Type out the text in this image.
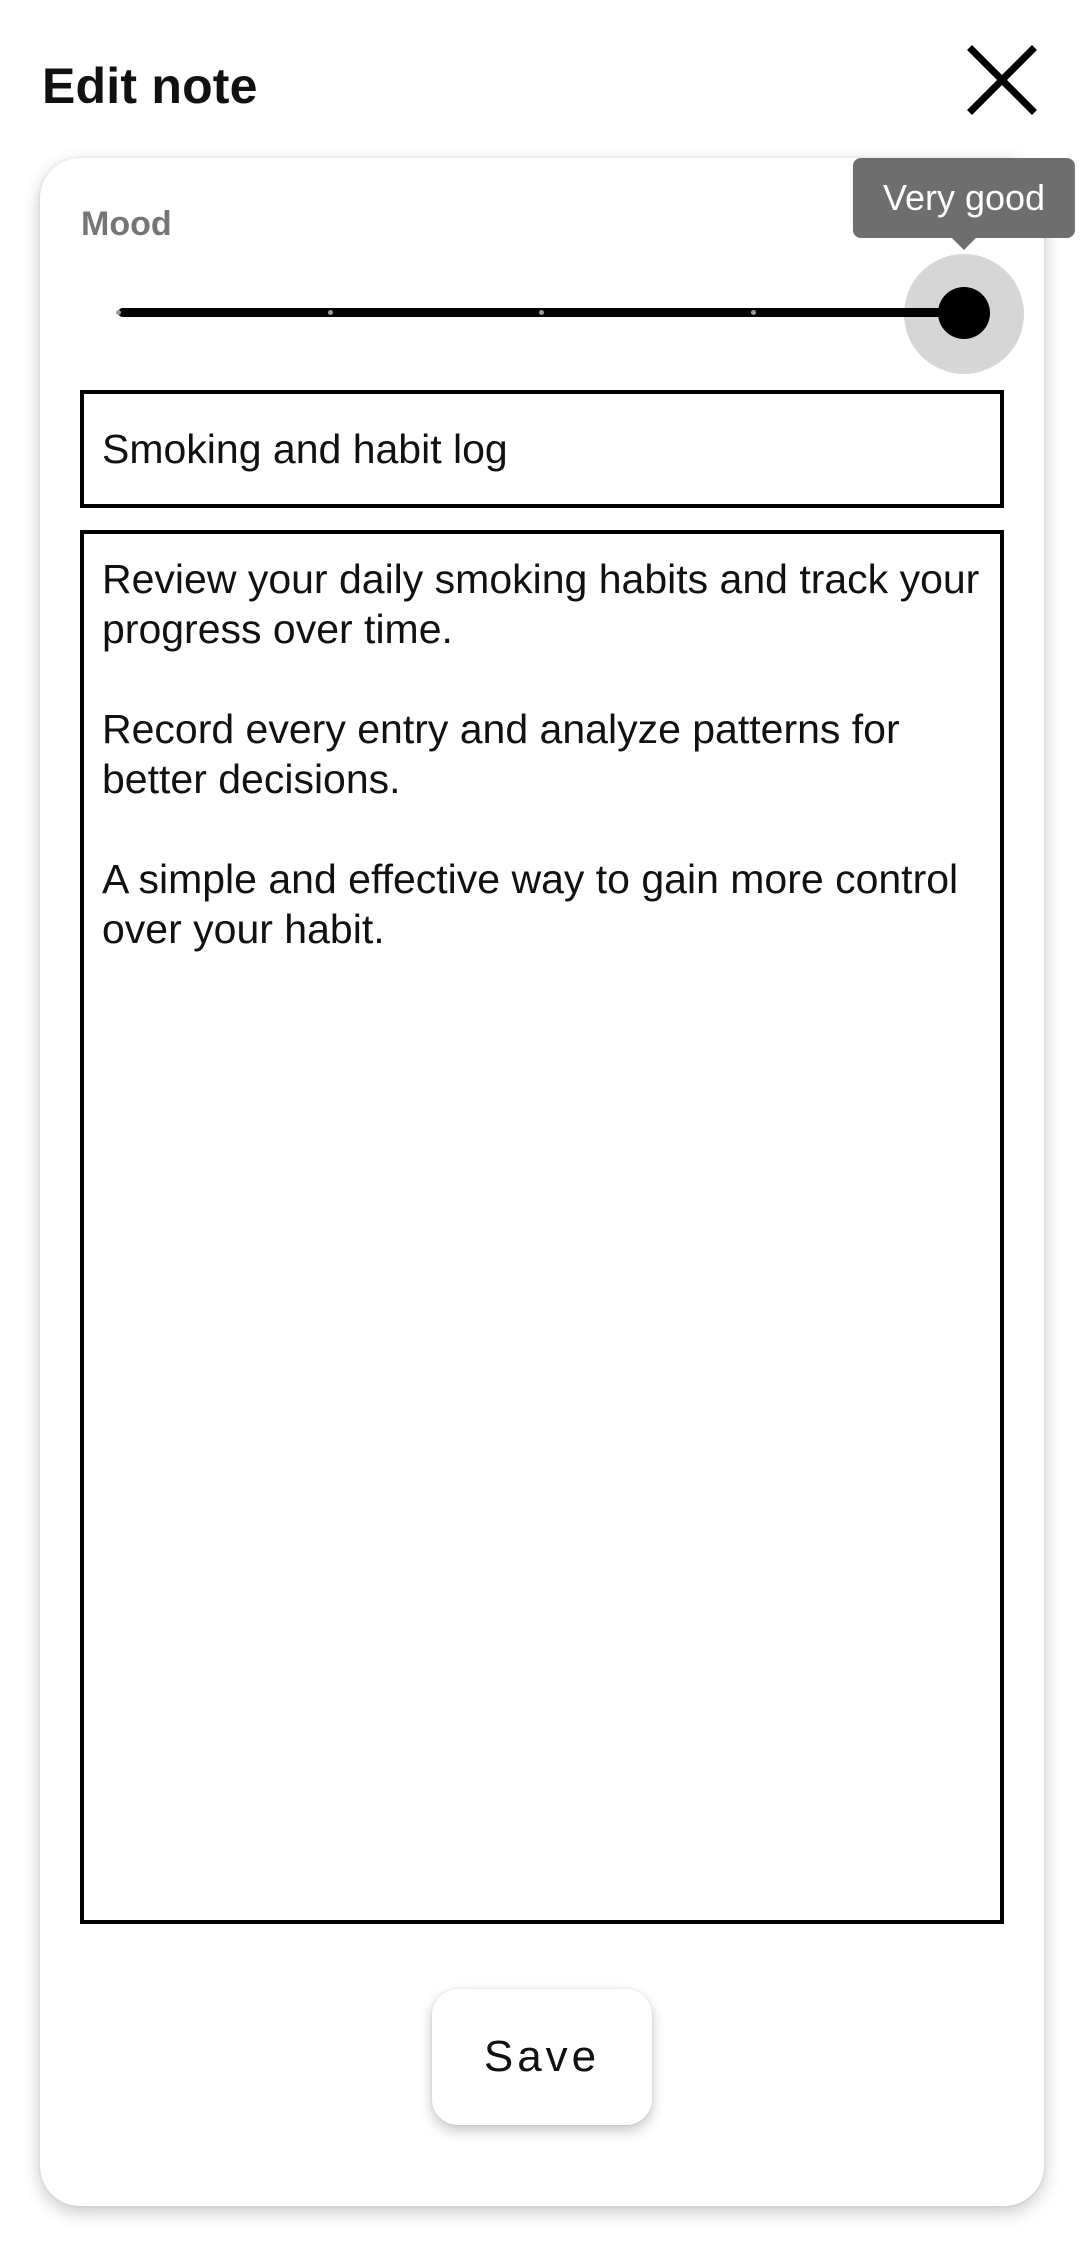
Edit note
Mood
Very good
Smoking and habit log
Review your daily smoking habits and track your progress over time. Record every entry and analyze patterns for better decisions. A simple and effective way to gain more control over your habit.
Save
